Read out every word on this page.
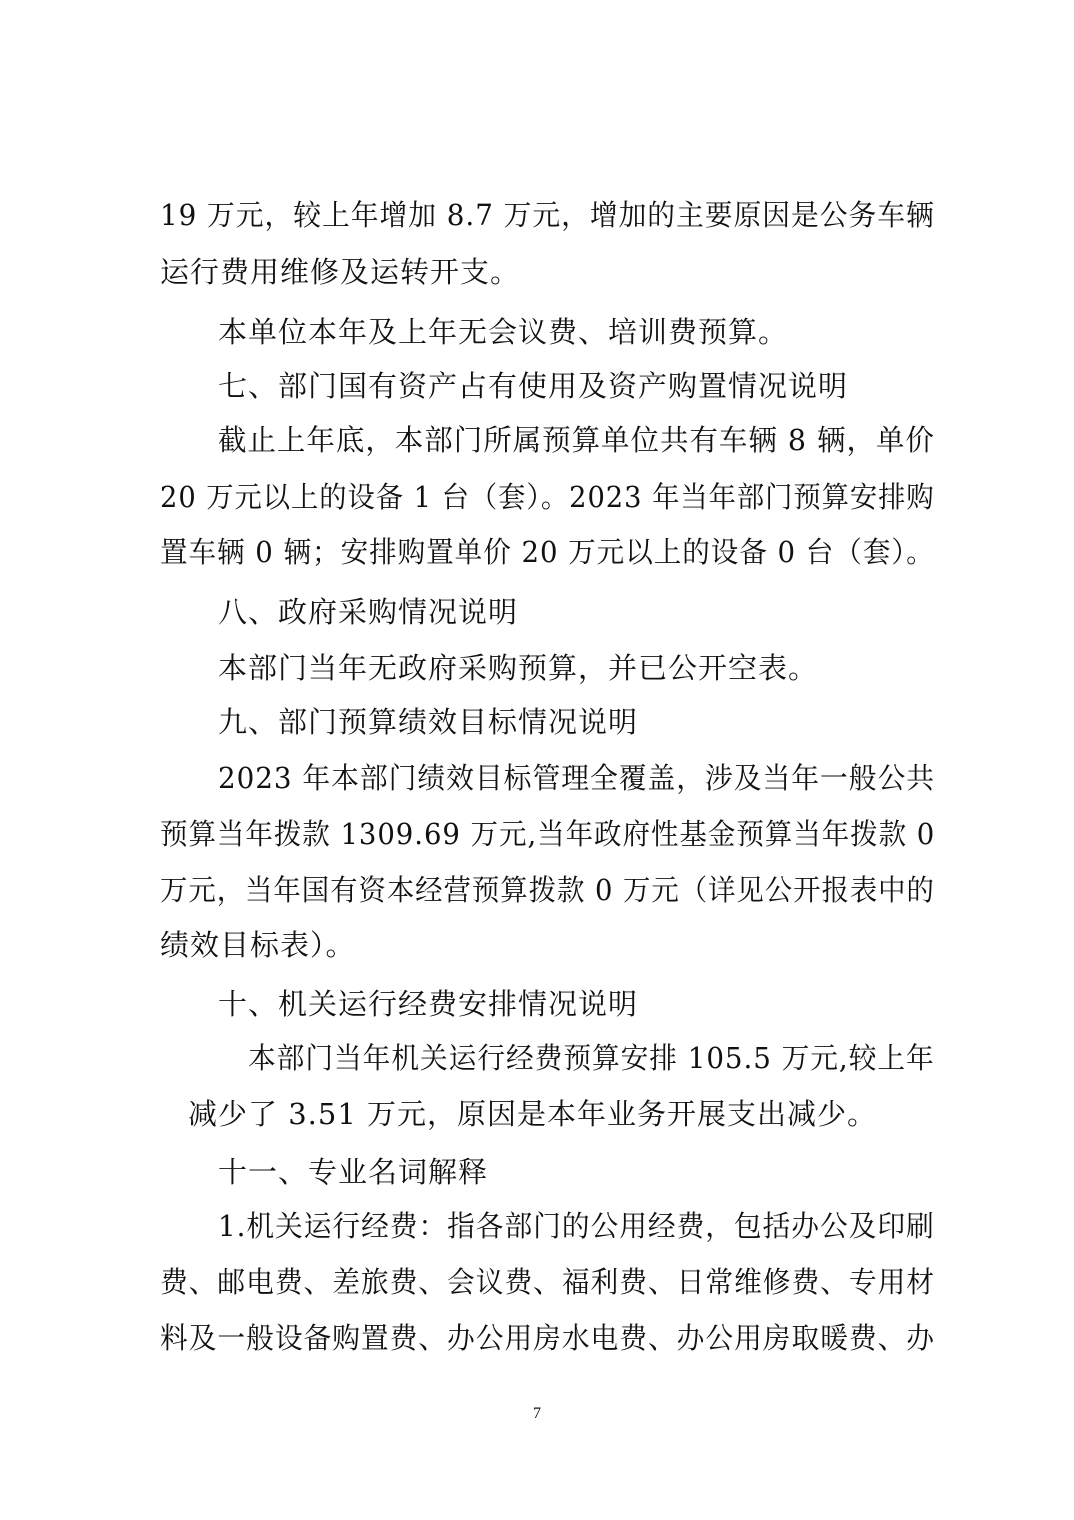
19 万元，较上年增加 8.7 万元，增加的主要原因是公务车辆
运行费用维修及运转开支。
本单位本年及上年无会议费、培训费预算。
七、部门国有资产占有使用及资产购置情况说明
截止上年底，本部门所属预算单位共有车辆 8 辆，单价
20 万元以上的设备 1 台（套）。2023 年当年部门预算安排购
置车辆 0 辆；安排购置单价 20 万元以上的设备 0 台（套）。
八、政府采购情况说明
本部门当年无政府采购预算，并已公开空表。
九、部门预算绩效目标情况说明
2023 年本部门绩效目标管理全覆盖，涉及当年一般公共
预算当年拨款 1309.69 万元,当年政府性基金预算当年拨款 0
万元，当年国有资本经营预算拨款 0 万元（详见公开报表中的
绩效目标表）。
十、机关运行经费安排情况说明
本部门当年机关运行经费预算安排 105.5 万元,较上年
减少了 3.51 万元，原因是本年业务开展支出减少。
十一、专业名词解释
1.机关运行经费：指各部门的公用经费，包括办公及印刷
费、邮电费、差旅费、会议费、福利费、日常维修费、专用材
料及一般设备购置费、办公用房水电费、办公用房取暖费、办
7
